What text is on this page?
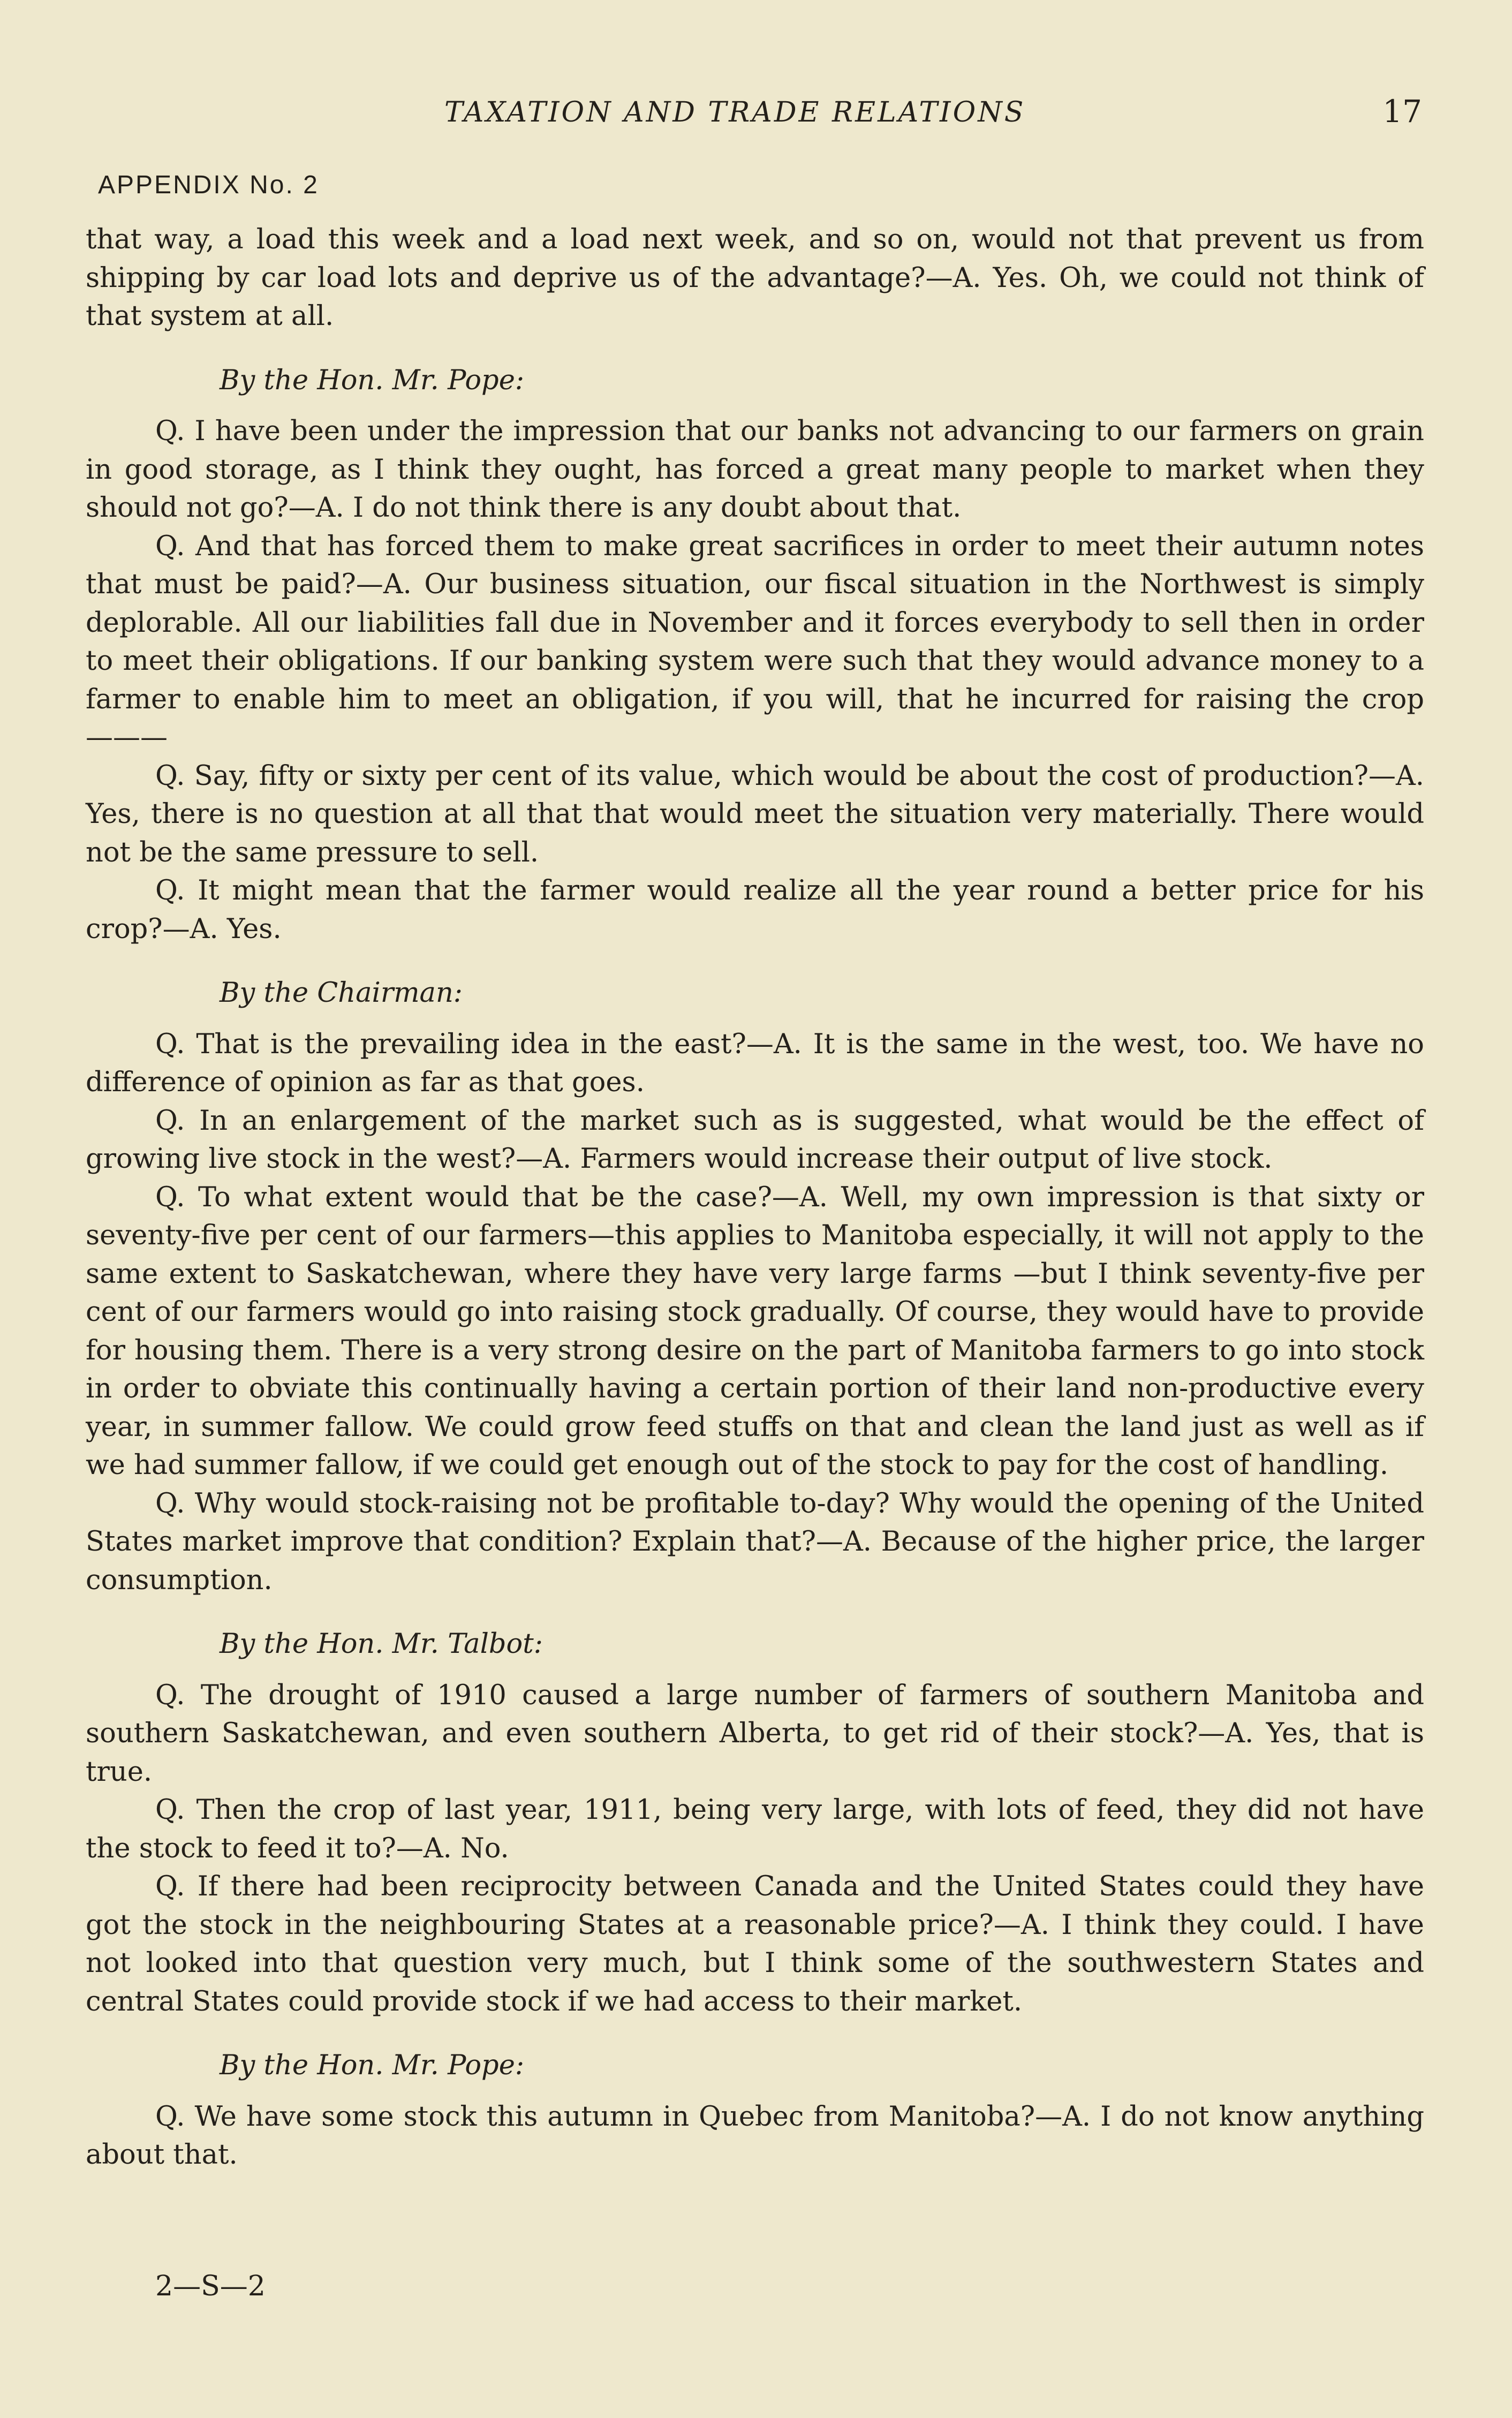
TAXATION AND TRADE RELATIONS	17
APPENDIX No. 2

that way, a load this week and a load next week, and so on, would not that prevent us from shipping by car load lots and deprive us of the advantage?—A. Yes. Oh, we could not think of that system at all.

By the Hon. Mr. Pope:

Q. I have been under the impression that our banks not advancing to our farmers on grain in good storage, as I think they ought, has forced a great many people to market when they should not go?—A. I do not think there is any doubt about that.

Q. And that has forced them to make great sacrifices in order to meet their autumn notes that must be paid?—A. Our business situation, our fiscal situation in the Northwest is simply deplorable. All our liabilities fall due in November and it forces everybody to sell then in order to meet their obligations. If our banking system were such that they would advance money to a farmer to enable him to meet an obligation, if you will, that he incurred for raising the crop———

Q. Say, fifty or sixty per cent of its value, which would be about the cost of production?—A. Yes, there is no question at all that that would meet the situation very materially. There would not be the same pressure to sell.

Q. It might mean that the farmer would realize all the year round a better price for his crop?—A. Yes.

By the Chairman:

Q. That is the prevailing idea in the east?—A. It is the same in the west, too. We have no difference of opinion as far as that goes.

Q. In an enlargement of the market such as is suggested, what would be the effect of growing live stock in the west?—A. Farmers would increase their output of live stock.

Q. To what extent would that be the case?—A. Well, my own impression is that sixty or seventy-five per cent of our farmers—this applies to Manitoba especially, it will not apply to the same extent to Saskatchewan, where they have very large farms —but I think seventy-five per cent of our farmers would go into raising stock gradually. Of course, they would have to provide for housing them. There is a very strong desire on the part of Manitoba farmers to go into stock in order to obviate this continually having a certain portion of their land non-productive every year, in summer fallow. We could grow feed stuffs on that and clean the land just as well as if we had summer fallow, if we could get enough out of the stock to pay for the cost of handling.

Q. Why would stock-raising not be profitable to-day? Why would the opening of the United States market improve that condition? Explain that?—A. Because of the higher price, the larger consumption.

By the Hon. Mr. Talbot:

Q. The drought of 1910 caused a large number of farmers of southern Manitoba and southern Saskatchewan, and even southern Alberta, to get rid of their stock?—A. Yes, that is true.

Q. Then the crop of last year, 1911, being very large, with lots of feed, they did not have the stock to feed it to?—A. No.

Q. If there had been reciprocity between Canada and the United States could they have got the stock in the neighbouring States at a reasonable price?—A. I think they could. I have not looked into that question very much, but I think some of the southwestern States and central States could provide stock if we had access to their market.

By the Hon. Mr. Pope:

Q. We have some stock this autumn in Quebec from Manitoba?—A. I do not know anything about that.

2—S—2
